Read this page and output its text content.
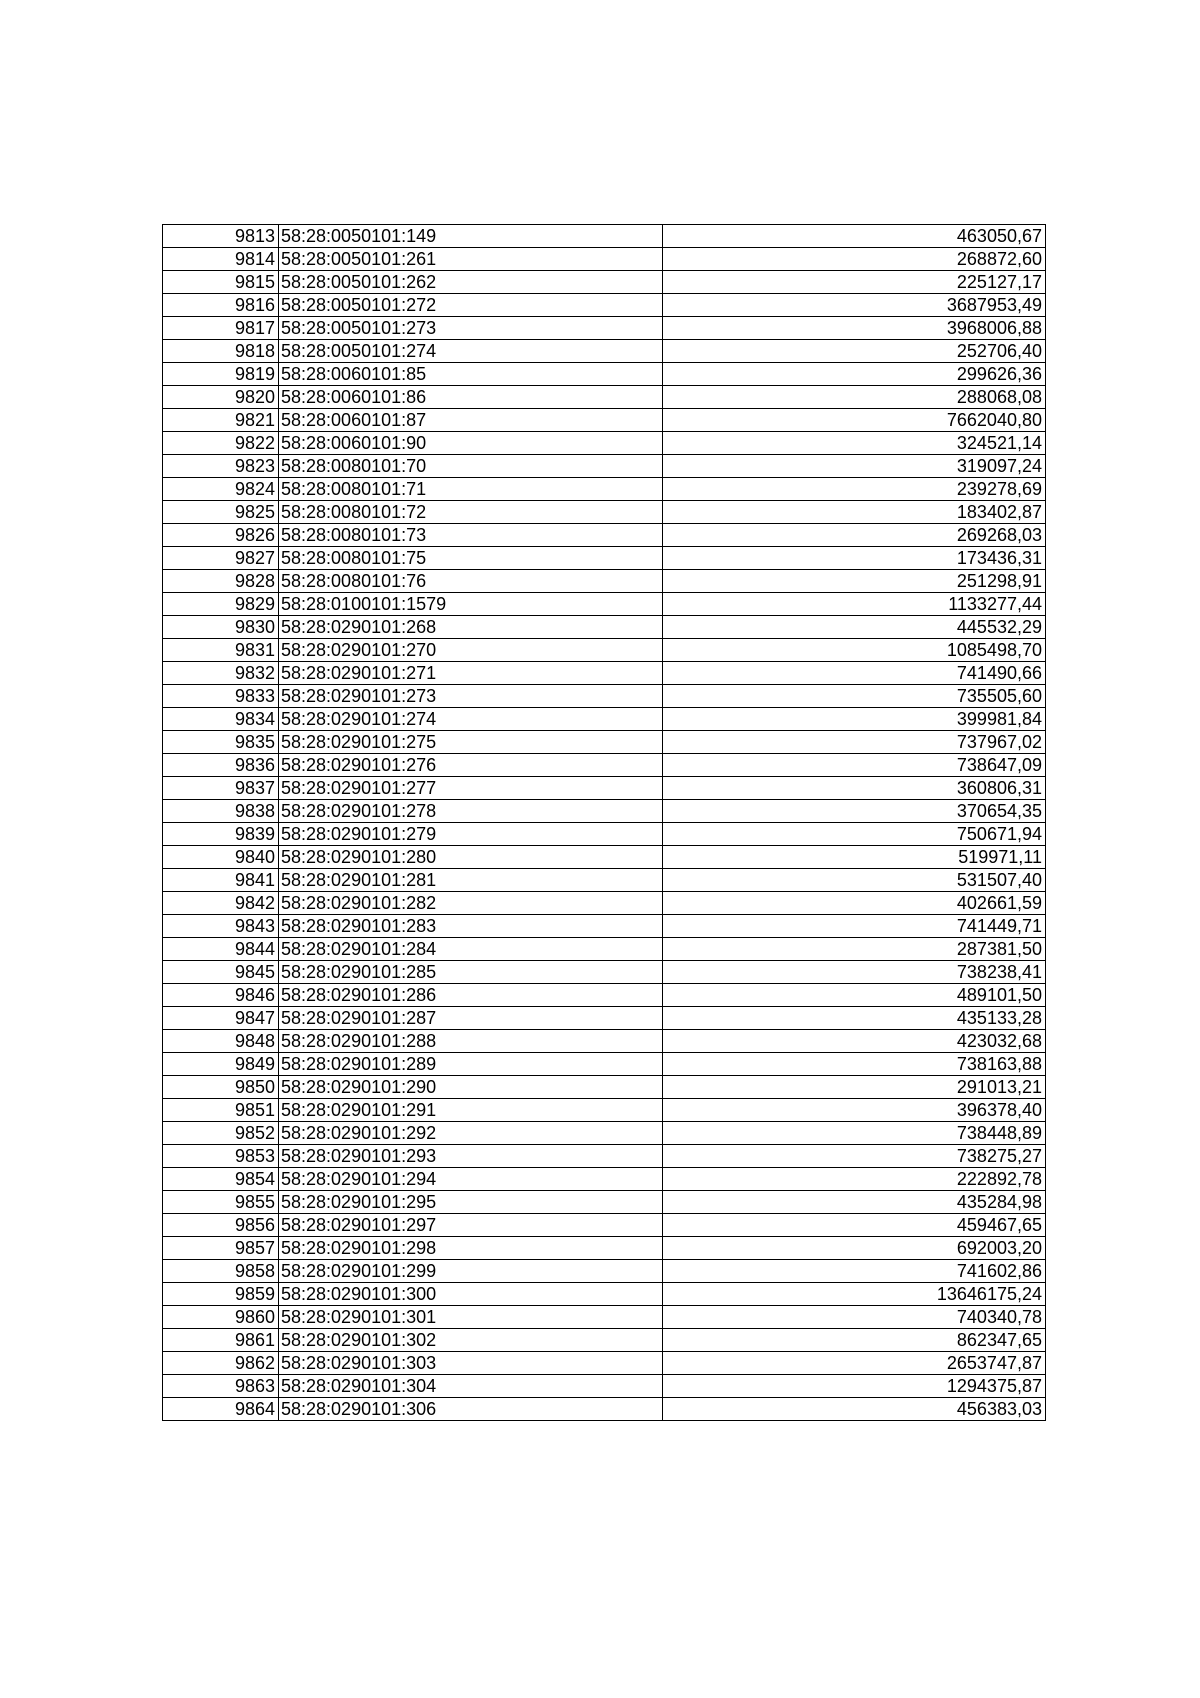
9813	58:28:0050101:149	463050,67
9814	58:28:0050101:261	268872,60
9815	58:28:0050101:262	225127,17
9816	58:28:0050101:272	3687953,49
9817	58:28:0050101:273	3968006,88
9818	58:28:0050101:274	252706,40
9819	58:28:0060101:85	299626,36
9820	58:28:0060101:86	288068,08
9821	58:28:0060101:87	7662040,80
9822	58:28:0060101:90	324521,14
9823	58:28:0080101:70	319097,24
9824	58:28:0080101:71	239278,69
9825	58:28:0080101:72	183402,87
9826	58:28:0080101:73	269268,03
9827	58:28:0080101:75	173436,31
9828	58:28:0080101:76	251298,91
9829	58:28:0100101:1579	1133277,44
9830	58:28:0290101:268	445532,29
9831	58:28:0290101:270	1085498,70
9832	58:28:0290101:271	741490,66
9833	58:28:0290101:273	735505,60
9834	58:28:0290101:274	399981,84
9835	58:28:0290101:275	737967,02
9836	58:28:0290101:276	738647,09
9837	58:28:0290101:277	360806,31
9838	58:28:0290101:278	370654,35
9839	58:28:0290101:279	750671,94
9840	58:28:0290101:280	519971,11
9841	58:28:0290101:281	531507,40
9842	58:28:0290101:282	402661,59
9843	58:28:0290101:283	741449,71
9844	58:28:0290101:284	287381,50
9845	58:28:0290101:285	738238,41
9846	58:28:0290101:286	489101,50
9847	58:28:0290101:287	435133,28
9848	58:28:0290101:288	423032,68
9849	58:28:0290101:289	738163,88
9850	58:28:0290101:290	291013,21
9851	58:28:0290101:291	396378,40
9852	58:28:0290101:292	738448,89
9853	58:28:0290101:293	738275,27
9854	58:28:0290101:294	222892,78
9855	58:28:0290101:295	435284,98
9856	58:28:0290101:297	459467,65
9857	58:28:0290101:298	692003,20
9858	58:28:0290101:299	741602,86
9859	58:28:0290101:300	13646175,24
9860	58:28:0290101:301	740340,78
9861	58:28:0290101:302	862347,65
9862	58:28:0290101:303	2653747,87
9863	58:28:0290101:304	1294375,87
9864	58:28:0290101:306	456383,03
